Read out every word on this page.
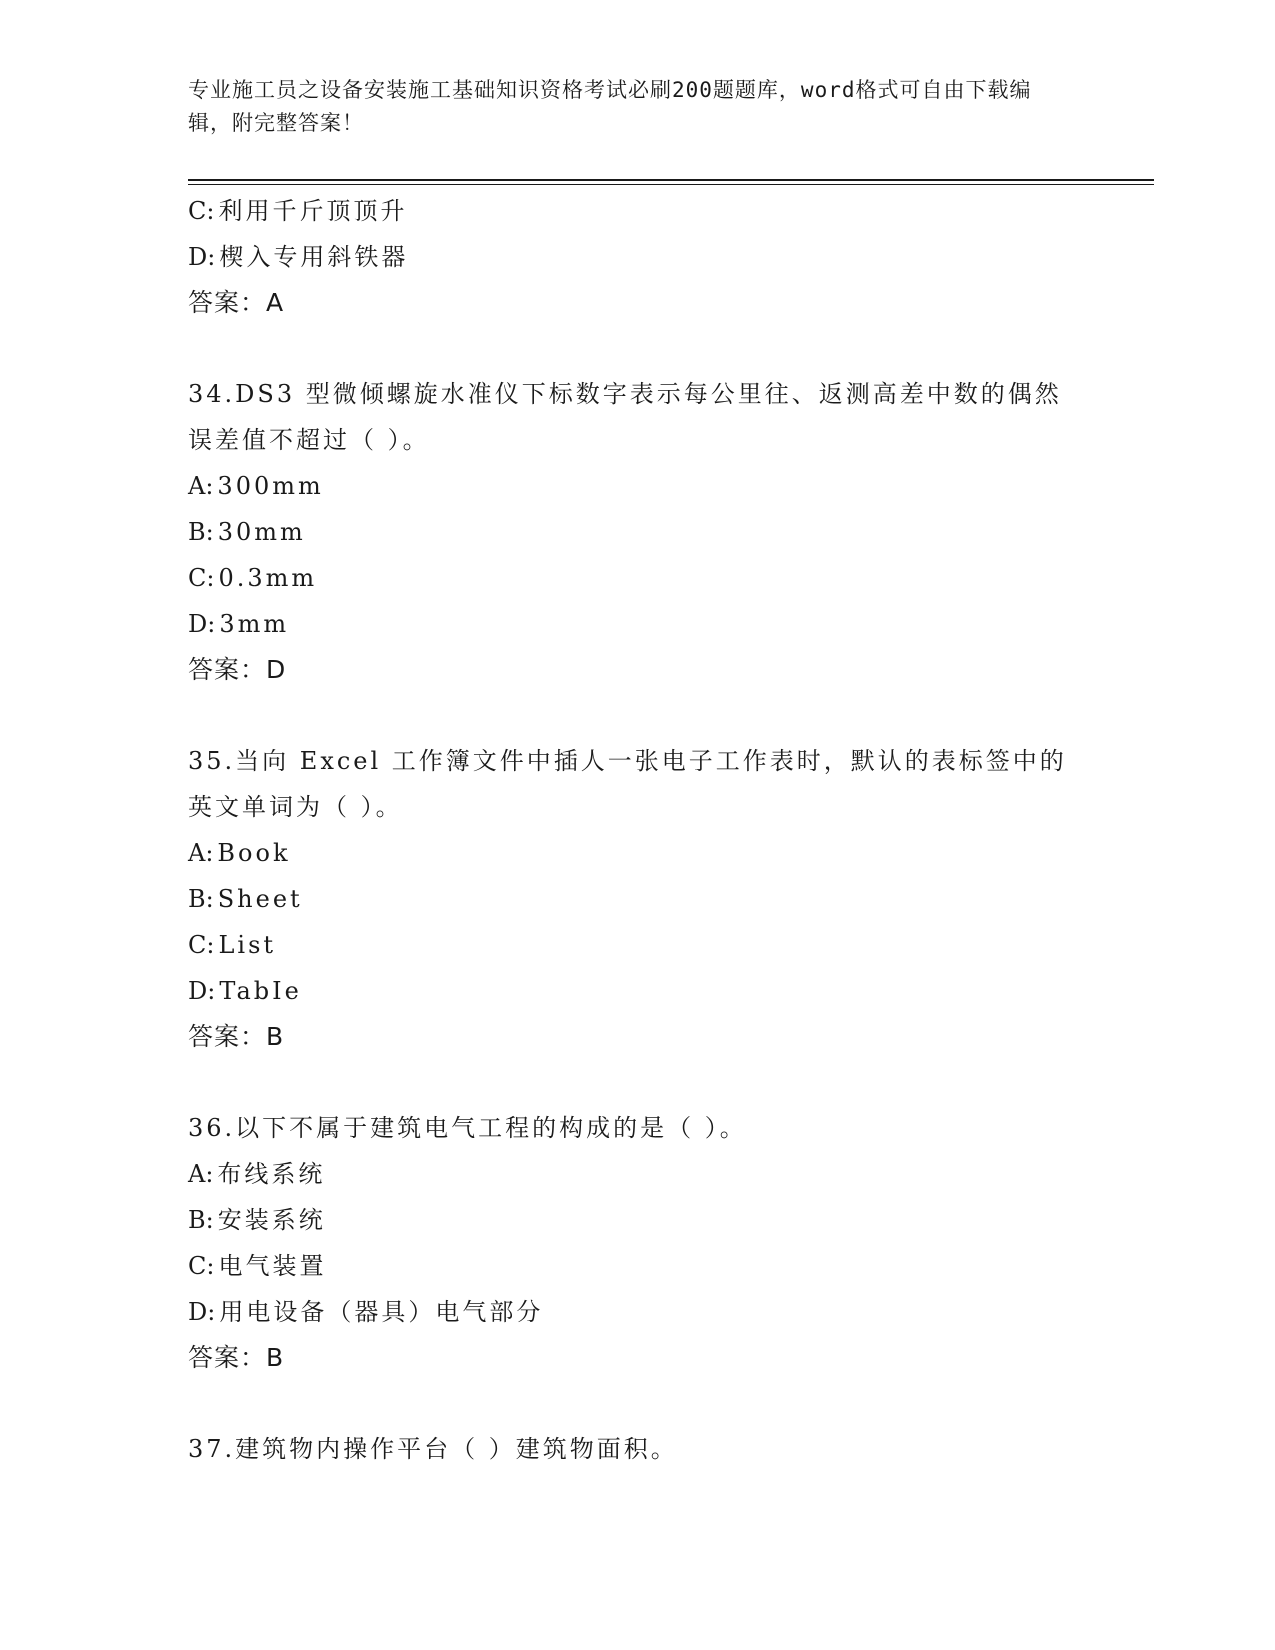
专业施工员之设备安装施工基础知识资格考试必刷200题题库，word格式可自由下载编辑，附完整答案！
C: 利用千斤顶顶升
D: 楔入专用斜铁器
答案：A
34.DS3 型微倾螺旋水准仪下标数字表示每公里往、返测高差中数的偶然误差值不超过（ ）。
A: 300mm
B: 30mm
C: 0.3mm
D: 3mm
答案：D
35.当向 Excel 工作簿文件中插人一张电子工作表时，默认的表标签中的英文单词为（ ）。
A: Book
B: Sheet
C: List
D: TabIe
答案：B
36.以下不属于建筑电气工程的构成的是（ ）。
A: 布线系统
B: 安装系统
C: 电气装置
D: 用电设备（器具）电气部分
答案：B
37.建筑物内操作平台（ ）建筑物面积。
